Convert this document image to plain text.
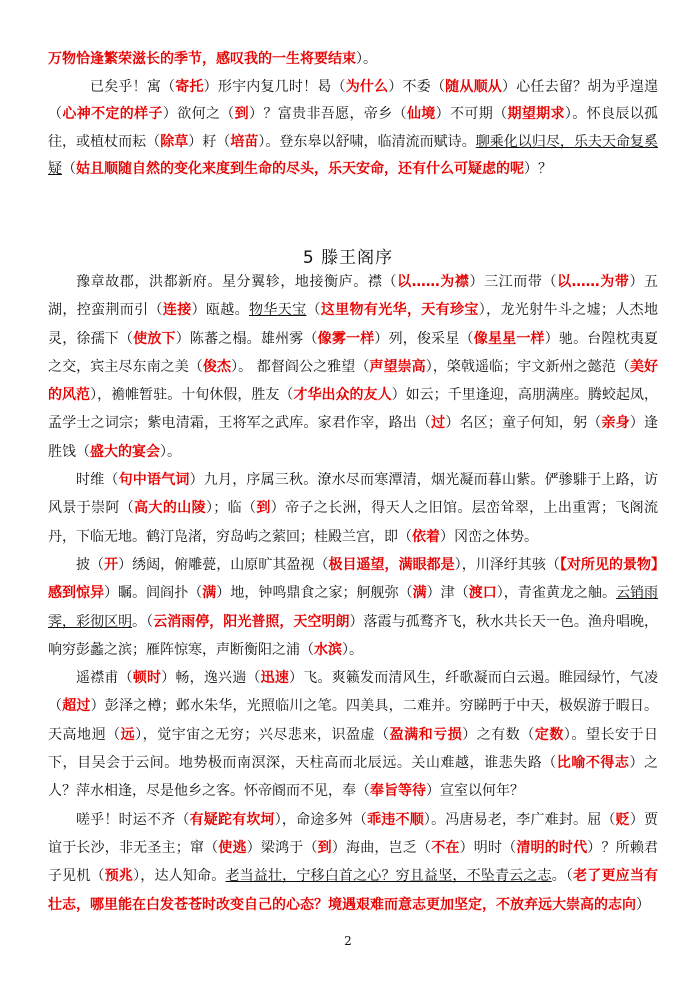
万物恰逢繁荣滋长的季节，感叹我的一生将要结束）。

已矣乎！寓（寄托）形宇内复几时！曷（为什么）不委（随从顺从）心任去留？胡为乎遑遑（心神不定的样子）欲何之（到）？富贵非吾愿，帝乡（仙境）不可期（期望期求）。怀良辰以孤往，或植杖而耘（除草）耔（培苗）。登东皋以舒啸，临清流而赋诗。聊乘化以归尽，乐夫天命复奚疑（姑且顺随自然的变化来度到生命的尽头，乐天安命，还有什么可疑虑的呢）？

5 滕王阁序

豫章故郡，洪都新府。星分翼轸，地接衡庐。襟（以……为襟）三江而带（以……为带）五湖，控蛮荆而引（连接）瓯越。物华天宝（这里物有光华，天有珍宝），龙光射牛斗之墟；人杰地灵，徐孺下（使放下）陈蕃之榻。雄州雾（像雾一样）列，俊采星（像星星一样）驰。台隍枕夷夏之交，宾主尽东南之美（俊杰）。 都督阎公之雅望（声望崇高），棨戟遥临；宇文新州之懿范（美好的风范），襜帷暂驻。十旬休假，胜友（才华出众的友人）如云；千里逢迎，高朋满座。腾蛟起凤，孟学士之词宗；紫电清霜，王将军之武库。家君作宰，路出（过）名区；童子何知，躬（亲身）逢胜饯（盛大的宴会）。

时维（句中语气词）九月，序属三秋。潦水尽而寒潭清，烟光凝而暮山紫。俨骖騑于上路，访风景于崇阿（高大的山陵）；临（到）帝子之长洲，得天人之旧馆。层峦耸翠，上出重霄；飞阁流丹，下临无地。鹤汀凫渚，穷岛屿之萦回；桂殿兰宫，即（依着）冈峦之体势。

披（开）绣闼，俯雕甍，山原旷其盈视（极目遥望，满眼都是），川泽纡其骇（【对所见的景物】感到惊异）瞩。闾阎扑（满）地，钟鸣鼎食之家；舸舰弥（满）津（渡口），青雀黄龙之舳。云销雨霁，彩彻区明。（云消雨停，阳光普照，天空明朗）落霞与孤鹜齐飞，秋水共长天一色。渔舟唱晚，响穷彭蠡之滨；雁阵惊寒，声断衡阳之浦（水滨）。

遥襟甫（顿时）畅，逸兴遄（迅速）飞。爽籁发而清风生，纤歌凝而白云遏。睢园绿竹，气凌（超过）彭泽之樽；邺水朱华，光照临川之笔。四美具，二难并。穷睇眄于中天，极娱游于暇日。天高地迥（远），觉宇宙之无穷；兴尽悲来，识盈虚（盈满和亏损）之有数（定数）。望长安于日下，目吴会于云间。地势极而南溟深，天柱高而北辰远。关山难越，谁悲失路（比喻不得志）之人？萍水相逢，尽是他乡之客。怀帝阍而不见，奉（奉旨等待）宣室以何年？

嗟乎！时运不齐（有疑跎有坎坷），命途多舛（乖违不顺）。冯唐易老，李广难封。屈（贬）贾谊于长沙，非无圣主；窜（使逃）梁鸿于（到）海曲，岂乏（不在）明时（清明的时代）？所赖君子见机（预兆），达人知命。老当益壮，宁移白首之心？穷且益坚，不坠青云之志。（老了更应当有壮志，哪里能在白发苍苍时改变自己的心态？境遇艰难而意志更加坚定，不放弃远大崇高的志向）

2
